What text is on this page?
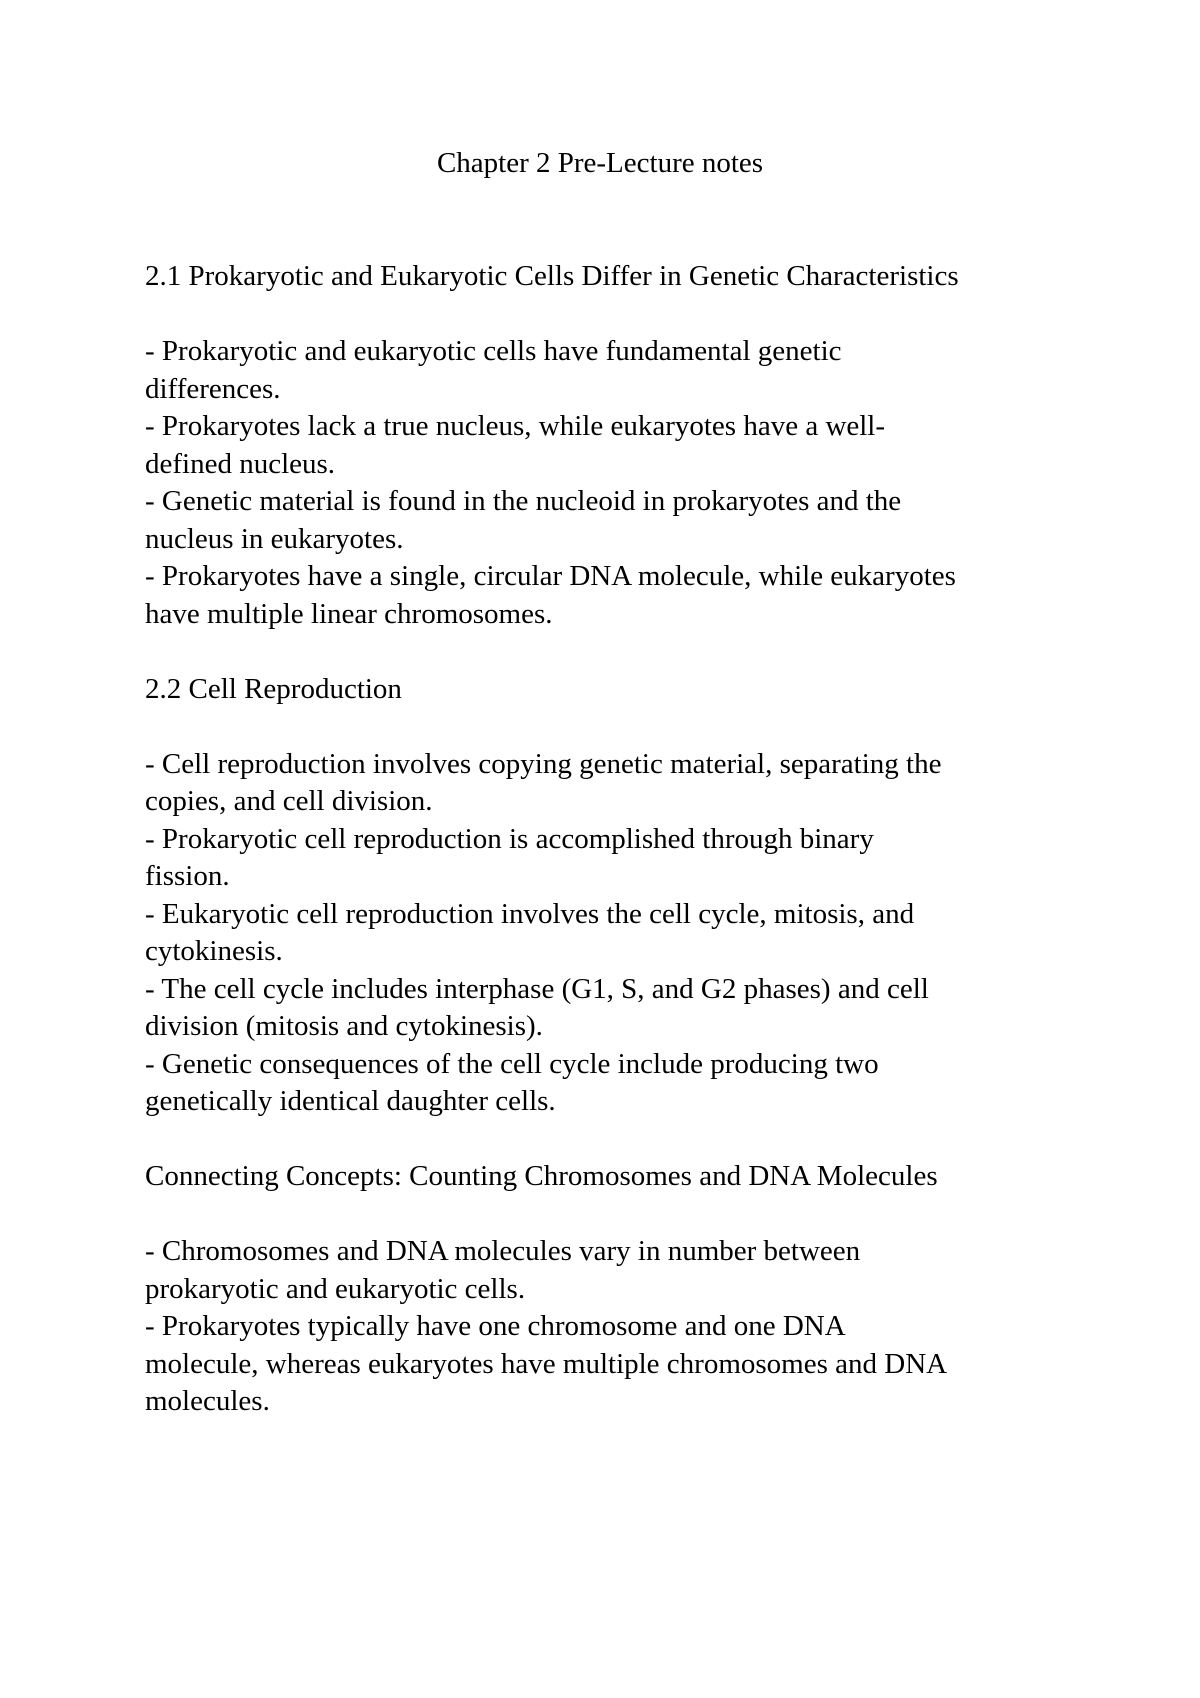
Chapter 2 Pre-Lecture notes
2.1 Prokaryotic and Eukaryotic Cells Differ in Genetic Characteristics
- Prokaryotic and eukaryotic cells have fundamental genetic
differences.
- Prokaryotes lack a true nucleus, while eukaryotes have a well-
defined nucleus.
- Genetic material is found in the nucleoid in prokaryotes and the
nucleus in eukaryotes.
- Prokaryotes have a single, circular DNA molecule, while eukaryotes
have multiple linear chromosomes.
2.2 Cell Reproduction
- Cell reproduction involves copying genetic material, separating the
copies, and cell division.
- Prokaryotic cell reproduction is accomplished through binary
fission.
- Eukaryotic cell reproduction involves the cell cycle, mitosis, and
cytokinesis.
- The cell cycle includes interphase (G1, S, and G2 phases) and cell
division (mitosis and cytokinesis).
- Genetic consequences of the cell cycle include producing two
genetically identical daughter cells.
Connecting Concepts: Counting Chromosomes and DNA Molecules
- Chromosomes and DNA molecules vary in number between
prokaryotic and eukaryotic cells.
- Prokaryotes typically have one chromosome and one DNA
molecule, whereas eukaryotes have multiple chromosomes and DNA
molecules.
